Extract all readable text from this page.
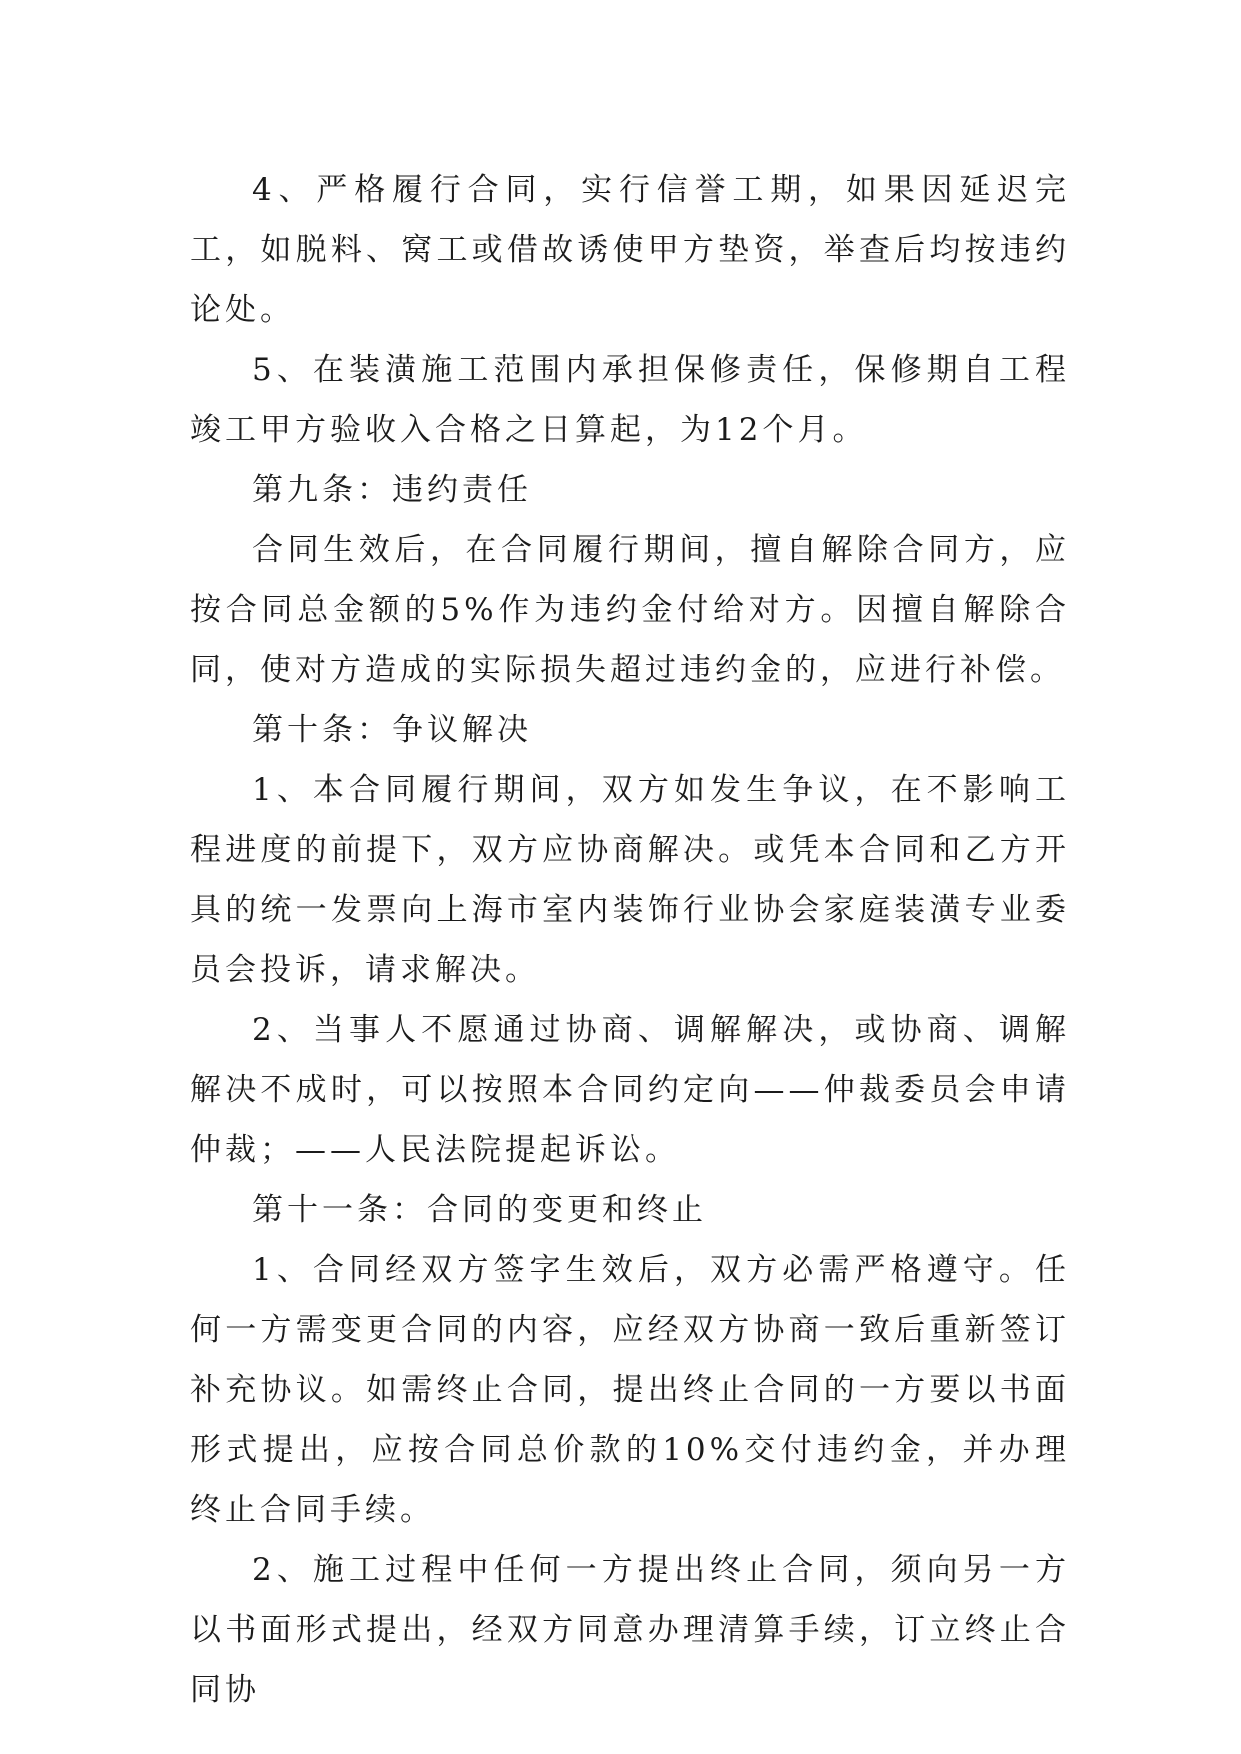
4、严格履行合同，实行信誉工期，如果因延迟完工，如脱料、窝工或借故诱使甲方垫资，举查后均按违约论处。

5、在装潢施工范围内承担保修责任，保修期自工程竣工甲方验收入合格之日算起，为12个月。

第九条：违约责任

合同生效后，在合同履行期间，擅自解除合同方，应按合同总金额的5%作为违约金付给对方。因擅自解除合同，使对方造成的实际损失超过违约金的，应进行补偿。

第十条：争议解决

1、本合同履行期间，双方如发生争议，在不影响工程进度的前提下，双方应协商解决。或凭本合同和乙方开具的统一发票向上海市室内装饰行业协会家庭装潢专业委员会投诉，请求解决。

2、当事人不愿通过协商、调解解决，或协商、调解解决不成时，可以按照本合同约定向——仲裁委员会申请仲裁；——人民法院提起诉讼。

第十一条：合同的变更和终止

1、合同经双方签字生效后，双方必需严格遵守。任何一方需变更合同的内容，应经双方协商一致后重新签订补充协议。如需终止合同，提出终止合同的一方要以书面形式提出，应按合同总价款的10%交付违约金，并办理终止合同手续。

2、施工过程中任何一方提出终止合同，须向另一方以书面形式提出，经双方同意办理清算手续，订立终止合同协
